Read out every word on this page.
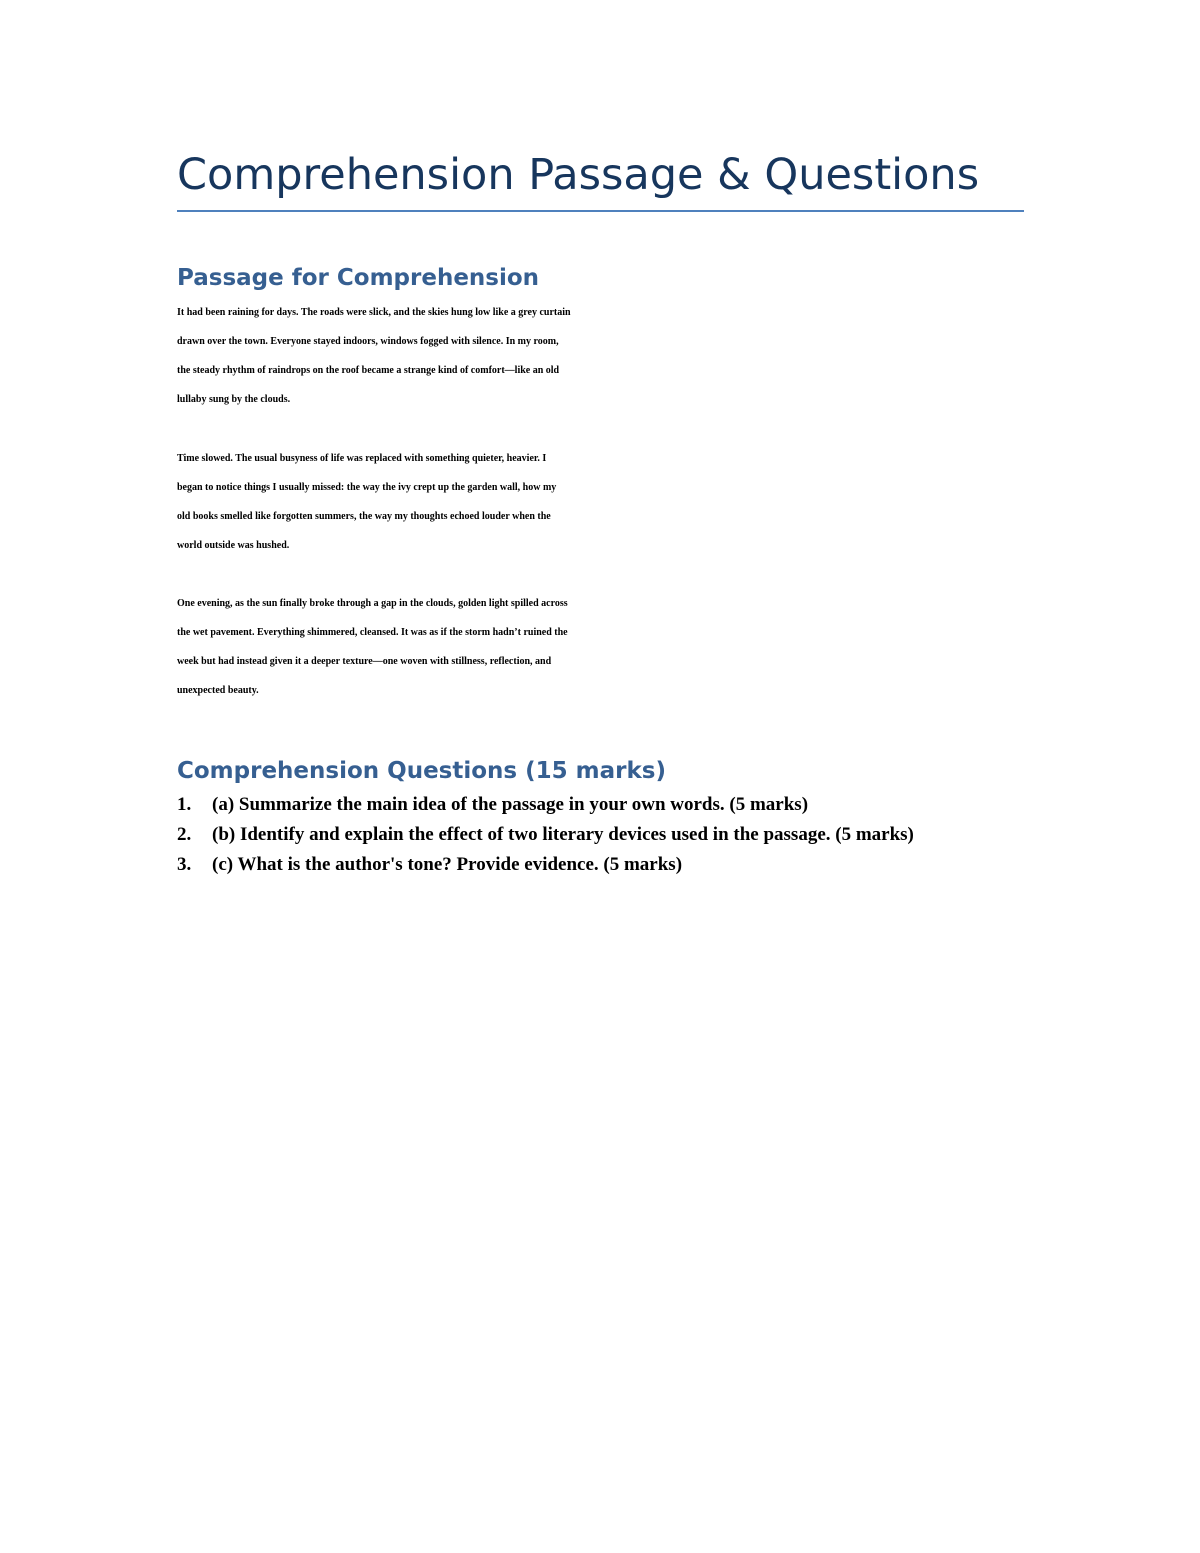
Comprehension Passage & Questions
Passage for Comprehension

It had been raining for days. The roads were slick, and the skies hung low like a grey curtain
drawn over the town. Everyone stayed indoors, windows fogged with silence. In my room,
the steady rhythm of raindrops on the roof became a strange kind of comfort—like an old
lullaby sung by the clouds.

Time slowed. The usual busyness of life was replaced with something quieter, heavier. I
began to notice things I usually missed: the way the ivy crept up the garden wall, how my
old books smelled like forgotten summers, the way my thoughts echoed louder when the
world outside was hushed.

One evening, as the sun finally broke through a gap in the clouds, golden light spilled across
the wet pavement. Everything shimmered, cleansed. It was as if the storm hadn’t ruined the
week but had instead given it a deeper texture—one woven with stillness, reflection, and
unexpected beauty.

Comprehension Questions (15 marks)
1.	(a) Summarize the main idea of the passage in your own words. (5 marks)
2.	(b) Identify and explain the effect of two literary devices used in the passage. (5 marks)
3.	(c) What is the author's tone? Provide evidence. (5 marks)
